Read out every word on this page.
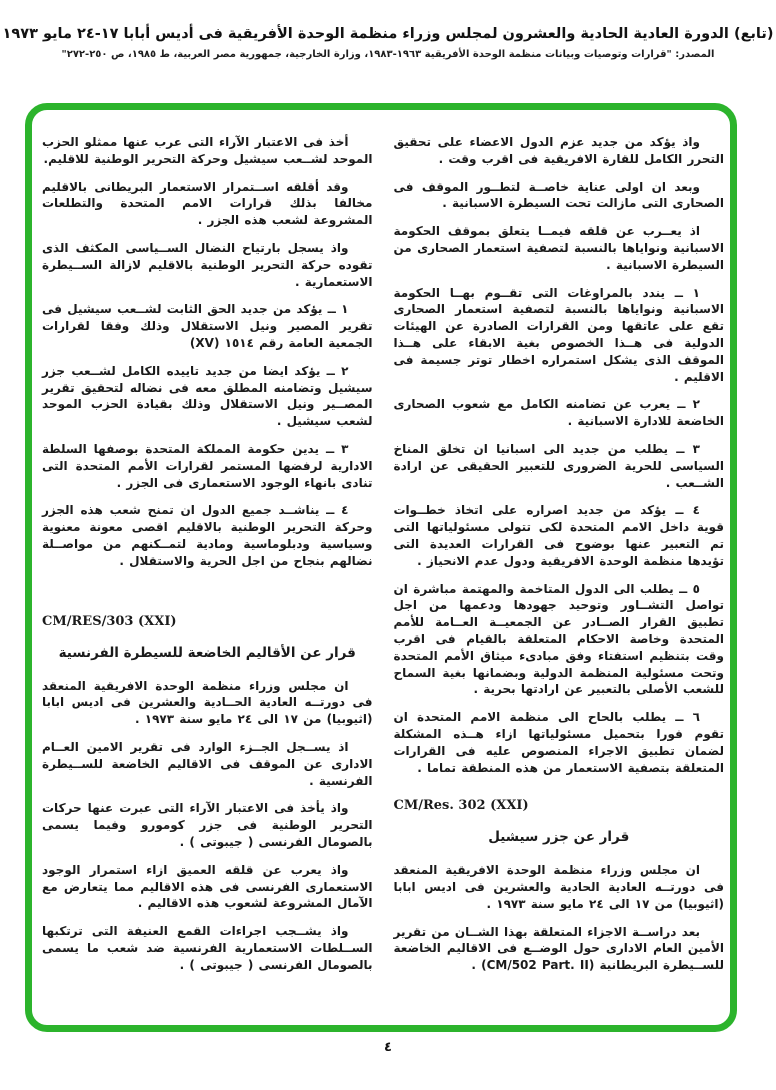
(تابع) الدورة العادية الحادية والعشرون لمجلس وزراء منظمة الوحدة الأفريقية فى أديس أبابا ١٧-٢٤ مايو ١٩٧٣
المصدر: "قرارات وتوصيات وبيانات منظمة الوحدة الأفريقية ١٩٦٣-١٩٨٣، وزارة الخارجية، جمهورية مصر العربية، ط ١٩٨٥، ص ٢٥٠-٢٧٢"

واذ يؤكد من جديد عزم الدول الاعضاء على تحقيق التحرر الكامل للقارة الافريقية فى اقرب وقت .

وبعد ان اولى عناية خاصــة لتطــور الموقف فى الصحارى التى مازالت تحت السيطرة الاسبانية .

اذ يعــرب عن قلقه فيمــا يتعلق بموقف الحكومة الاسبانية ونواياها بالنسبة لتصفية استعمار الصحارى من السيطرة الاسبانية .

١ ــ يندد بالمراوغات التى تقــوم بهــا الحكومة الاسبانية ونواياها بالنسبة لتصفية استعمار الصحارى تقع على عاتقها ومن القرارات الصادرة عن الهيئات الدولية فى هــذا الخصوص بغية الابقاء على هــذا الموقف الذى يشكل استمراره اخطار توتر جسيمة فى الاقليم .

٢ ــ يعرب عن تضامنه الكامل مع شعوب الصحارى الخاضعة للادارة الاسبانية .

٣ ــ يطلب من جديد الى اسبانيا ان تخلق المناخ السياسى للحرية الضرورى للتعبير الحقيقى عن ارادة الشــعب .

٤ ــ يؤكد من جديد اصراره على اتخاذ خطــوات قوية داخل الامم المتحدة لكى تتولى مسئولياتها التى تم التعبير عنها بوضوح فى القرارات العديدة التى تؤيدها منظمة الوحدة الافريقية ودول عدم الانحياز .

٥ ــ يطلب الى الدول المتاخمة والمهتمة مباشرة ان تواصل التشــاور وتوحيد جهودها ودعمها من اجل تطبيق القرار الصــادر عن الجمعيــة العــامة للأمم المتحدة وخاصة الاحكام المتعلقة بالقيام فى اقرب وقت بتنظيم استفتاء وفق مبادىء ميثاق الأمم المتحدة وتحت مسئولية المنظمة الدولية وبضمانها بغية السماح للشعب الأصلى بالتعبير عن ارادتها بحرية .

٦ ــ يطلب بالحاح الى منظمة الامم المتحدة ان تقوم فورا بتحميل مسئولياتها ازاء هــذه المشكلة لضمان تطبيق الاجراء المنصوص عليه فى القرارات المتعلقة بتصفية الاستعمار من هذه المنطقة تماما .

CM/Res. 302 (XXI)
قرار عن جزر سيشيل

ان مجلس وزراء منظمة الوحدة الافريقية المنعقد فى دورتــه العادية الحادية والعشرين فى اديس ابابا (اثيوبيا) من ١٧ الى ٢٤ مايو سنة ١٩٧٣ .

بعد دراســة الاجزاء المتعلقة بهذا الشــان من تقرير الأمين العام الادارى حول الوضــع فى الاقاليم الخاضعة للســيطرة البريطانية (CM/502 Part. II) .

أخذ فى الاعتبار الآراء التى عرب عنها ممثلو الحزب الموحد لشــعب سيشيل وحركة التحرير الوطنية للاقليم.

وقد أقلقه اســتمرار الاستعمار البريطانى بالاقليم مخالفا بذلك قرارات الامم المتحدة والتطلعات المشروعة لشعب هذه الجزر .

واذ يسجل بارتياح النضال الســياسى المكثف الذى تقوده حركة التحرير الوطنية بالاقليم لازالة الســيطرة الاستعمارية .

١ ــ يؤكد من جديد الحق الثابت لشــعب سيشيل فى تقرير المصير ونيل الاستقلال وذلك وفقا لقرارات الجمعية العامة رقم ١٥١٤ (XV)

٢ ــ يؤكد ايضا من جديد تاييده الكامل لشــعب جزر سيشيل وتضامنه المطلق معه فى نضاله لتحقيق تقرير المصــير ونيل الاستقلال وذلك بقيادة الحزب الموحد لشعب سيشيل .

٣ ــ يدين حكومة المملكة المتحدة بوصفها السلطة الادارية لرفضها المستمر لقرارات الأمم المتحدة التى تنادى بانهاء الوجود الاستعمارى فى الجزر .

٤ ــ يناشــد جميع الدول ان تمنح شعب هذه الجزر وحركة التحرير الوطنية بالاقليم اقصى معونة معنوية وسياسية ودبلوماسية ومادية لتمــكنهم من مواصــلة نضالهم بنجاح من اجل الحرية والاستقلال .

CM/RES/303 (XXI)
قرار عن الأقاليم الخاضعة للسيطرة الفرنسية

ان مجلس وزراء منظمة الوحدة الافريقية المنعقد فى دورتــه العادية الحــادية والعشرين فى اديس ابابا (اثيوبيا) من ١٧ الى ٢٤ مايو سنة ١٩٧٣ .

اذ يســجل الجــزء الوارد فى تقرير الامين العــام الادارى عن الموقف فى الاقاليم الخاضعة للســيطرة الفرنسية .

واذ يأخذ فى الاعتبار الآراء التى عبرت عنها حركات التحرير الوطنية فى جزر كومورو وفيما يسمى بالصومال الفرنسى ( جيبوتى ) .

واذ يعرب عن قلقه العميق ازاء استمرار الوجود الاستعمارى الفرنسى فى هذه الاقاليم مما يتعارض مع الآمال المشروعة لشعوب هذه الاقاليم .

واذ يشــجب اجراءات القمع العنيفة التى ترتكبها الســلطات الاستعمارية الفرنسية ضد شعب ما يسمى بالصومال الفرنسى ( جيبوتى ) .

٤
